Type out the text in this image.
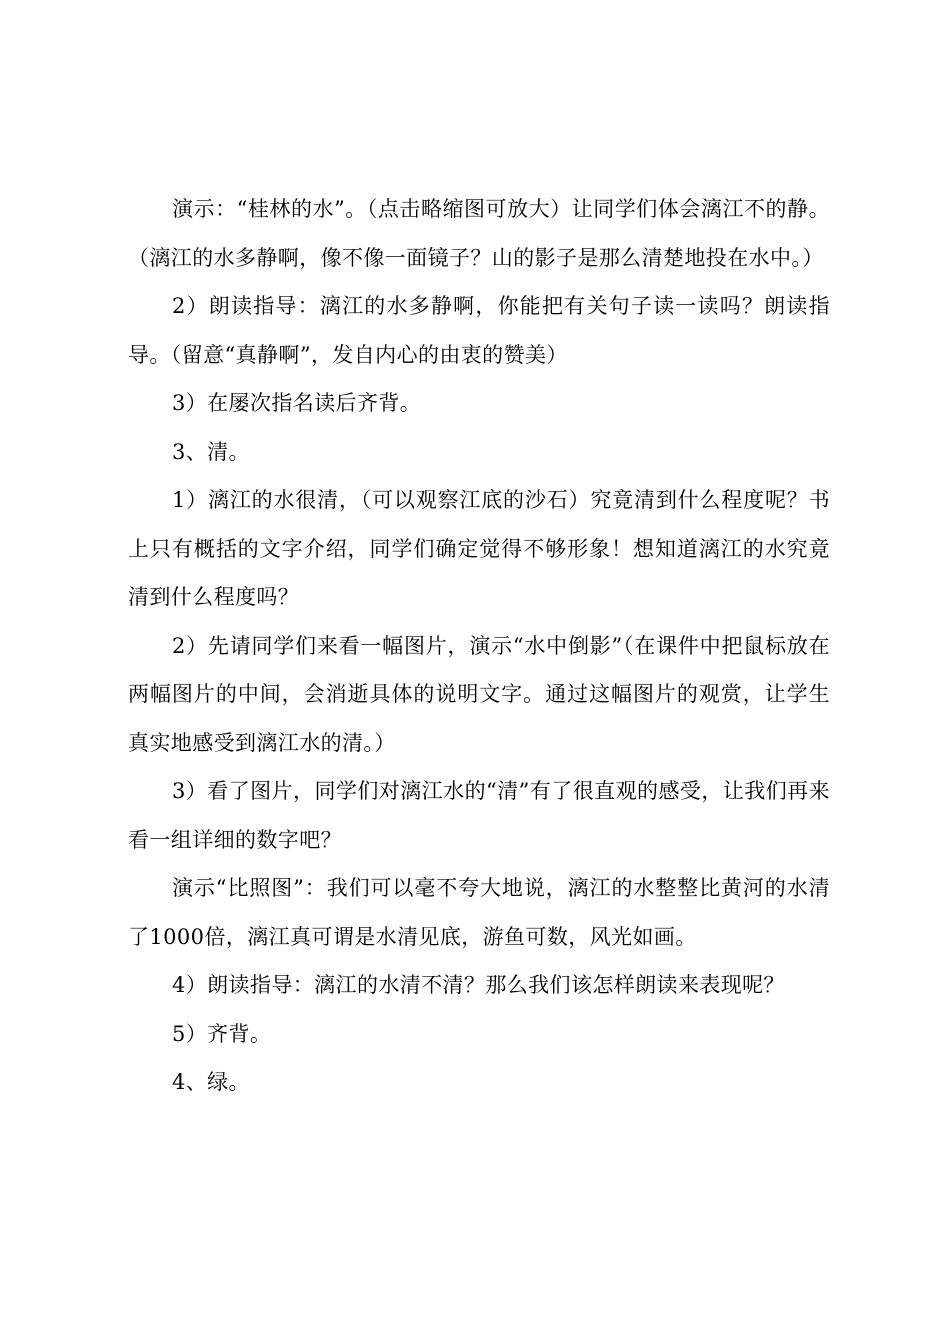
演示：“桂林的水”。（点击略缩图可放大）让同学们体会漓江不的静。（漓江的水多静啊，像不像一面镜子？山的影子是那么清楚地投在水中。）

2）朗读指导：漓江的水多静啊，你能把有关句子读一读吗？朗读指导。（留意“真静啊”，发自内心的由衷的赞美）

3）在屡次指名读后齐背。

3、清。

1）漓江的水很清，（可以观察江底的沙石）究竟清到什么程度呢？书上只有概括的文字介绍，同学们确定觉得不够形象！想知道漓江的水究竟清到什么程度吗？

2）先请同学们来看一幅图片，演示“水中倒影”（在课件中把鼠标放在两幅图片的中间，会消逝具体的说明文字。通过这幅图片的观赏，让学生真实地感受到漓江水的清。）

3）看了图片，同学们对漓江水的“清”有了很直观的感受，让我们再来看一组详细的数字吧？

演示“比照图”：我们可以毫不夸大地说，漓江的水整整比黄河的水清了1000倍，漓江真可谓是水清见底，游鱼可数，风光如画。

4）朗读指导：漓江的水清不清？那么我们该怎样朗读来表现呢？

5）齐背。

4、绿。
